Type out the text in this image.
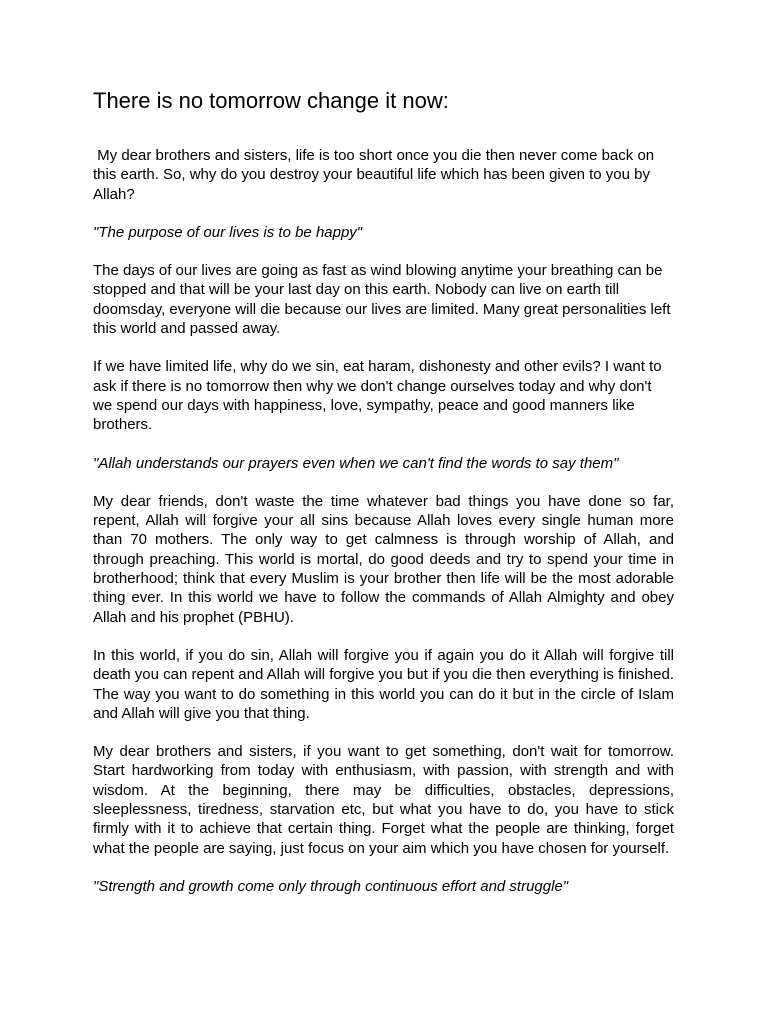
There is no tomorrow change it now:

My dear brothers and sisters, life is too short once you die then never come back on this earth. So, why do you destroy your beautiful life which has been given to you by Allah?

"The purpose of our lives is to be happy"

The days of our lives are going as fast as wind blowing anytime your breathing can be stopped and that will be your last day on this earth. Nobody can live on earth till doomsday, everyone will die because our lives are limited. Many great personalities left this world and passed away.

If we have limited life, why do we sin, eat haram, dishonesty and other evils? I want to ask if there is no tomorrow then why we don't change ourselves today and why don't we spend our days with happiness, love, sympathy, peace and good manners like brothers.

"Allah understands our prayers even when we can't find the words to say them"

My dear friends, don't waste the time whatever bad things you have done so far, repent, Allah will forgive your all sins because Allah loves every single human more than 70 mothers. The only way to get calmness is through worship of Allah, and through preaching. This world is mortal, do good deeds and try to spend your time in brotherhood; think that every Muslim is your brother then life will be the most adorable thing ever. In this world we have to follow the commands of Allah Almighty and obey Allah and his prophet (PBHU).

In this world, if you do sin, Allah will forgive you if again you do it Allah will forgive till death you can repent and Allah will forgive you but if you die then everything is finished. The way you want to do something in this world you can do it but in the circle of Islam and Allah will give you that thing.

My dear brothers and sisters, if you want to get something, don't wait for tomorrow. Start hardworking from today with enthusiasm, with passion, with strength and with wisdom. At the beginning, there may be difficulties, obstacles, depressions, sleeplessness, tiredness, starvation etc, but what you have to do, you have to stick firmly with it to achieve that certain thing. Forget what the people are thinking, forget what the people are saying, just focus on your aim which you have chosen for yourself.

"Strength and growth come only through continuous effort and struggle"
